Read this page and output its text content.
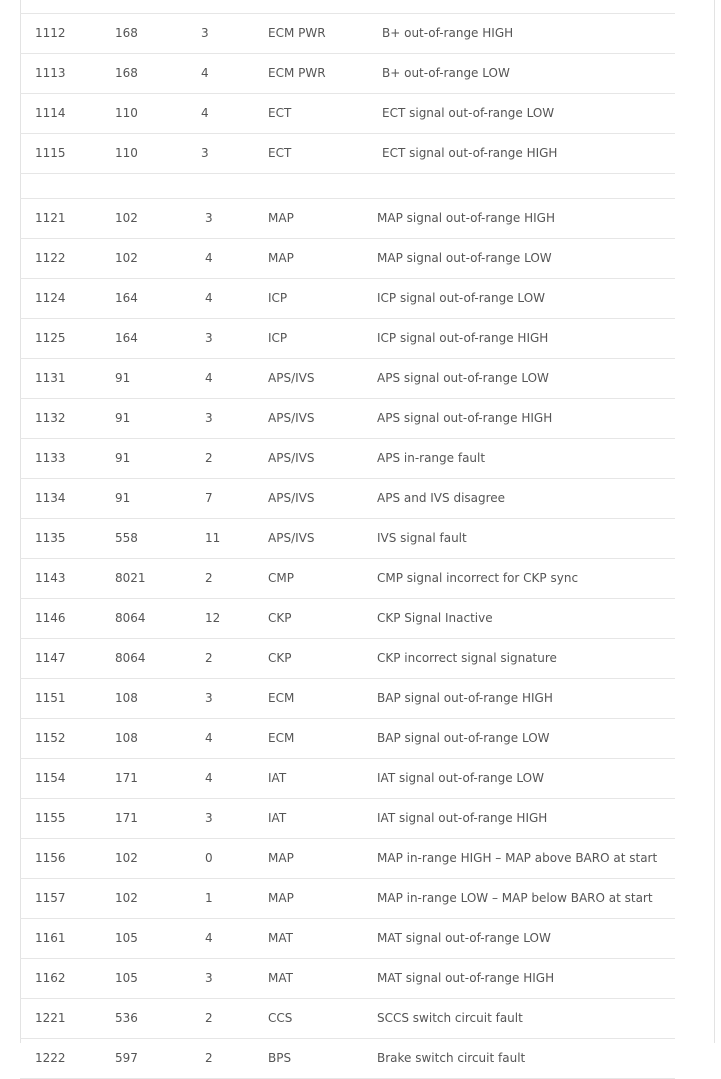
1112	168	3	ECM PWR	B+ out-of-range HIGH
1113	168	4	ECM PWR	B+ out-of-range LOW
1114	110	4	ECT	ECT signal out-of-range LOW
1115	110	3	ECT	ECT signal out-of-range HIGH
1121	102	3	MAP	MAP signal out-of-range HIGH
1122	102	4	MAP	MAP signal out-of-range LOW
1124	164	4	ICP	ICP signal out-of-range LOW
1125	164	3	ICP	ICP signal out-of-range HIGH
1131	91	4	APS/IVS	APS signal out-of-range LOW
1132	91	3	APS/IVS	APS signal out-of-range HIGH
1133	91	2	APS/IVS	APS in-range fault
1134	91	7	APS/IVS	APS and IVS disagree
1135	558	11	APS/IVS	IVS signal fault
1143	8021	2	CMP	CMP signal incorrect for CKP sync
1146	8064	12	CKP	CKP Signal Inactive
1147	8064	2	CKP	CKP incorrect signal signature
1151	108	3	ECM	BAP signal out-of-range HIGH
1152	108	4	ECM	BAP signal out-of-range LOW
1154	171	4	IAT	IAT signal out-of-range LOW
1155	171	3	IAT	IAT signal out-of-range HIGH
1156	102	0	MAP	MAP in-range HIGH – MAP above BARO at start
1157	102	1	MAP	MAP in-range LOW – MAP below BARO at start
1161	105	4	MAT	MAT signal out-of-range LOW
1162	105	3	MAT	MAT signal out-of-range HIGH
1221	536	2	CCS	SCCS switch circuit fault
1222	597	2	BPS	Brake switch circuit fault
